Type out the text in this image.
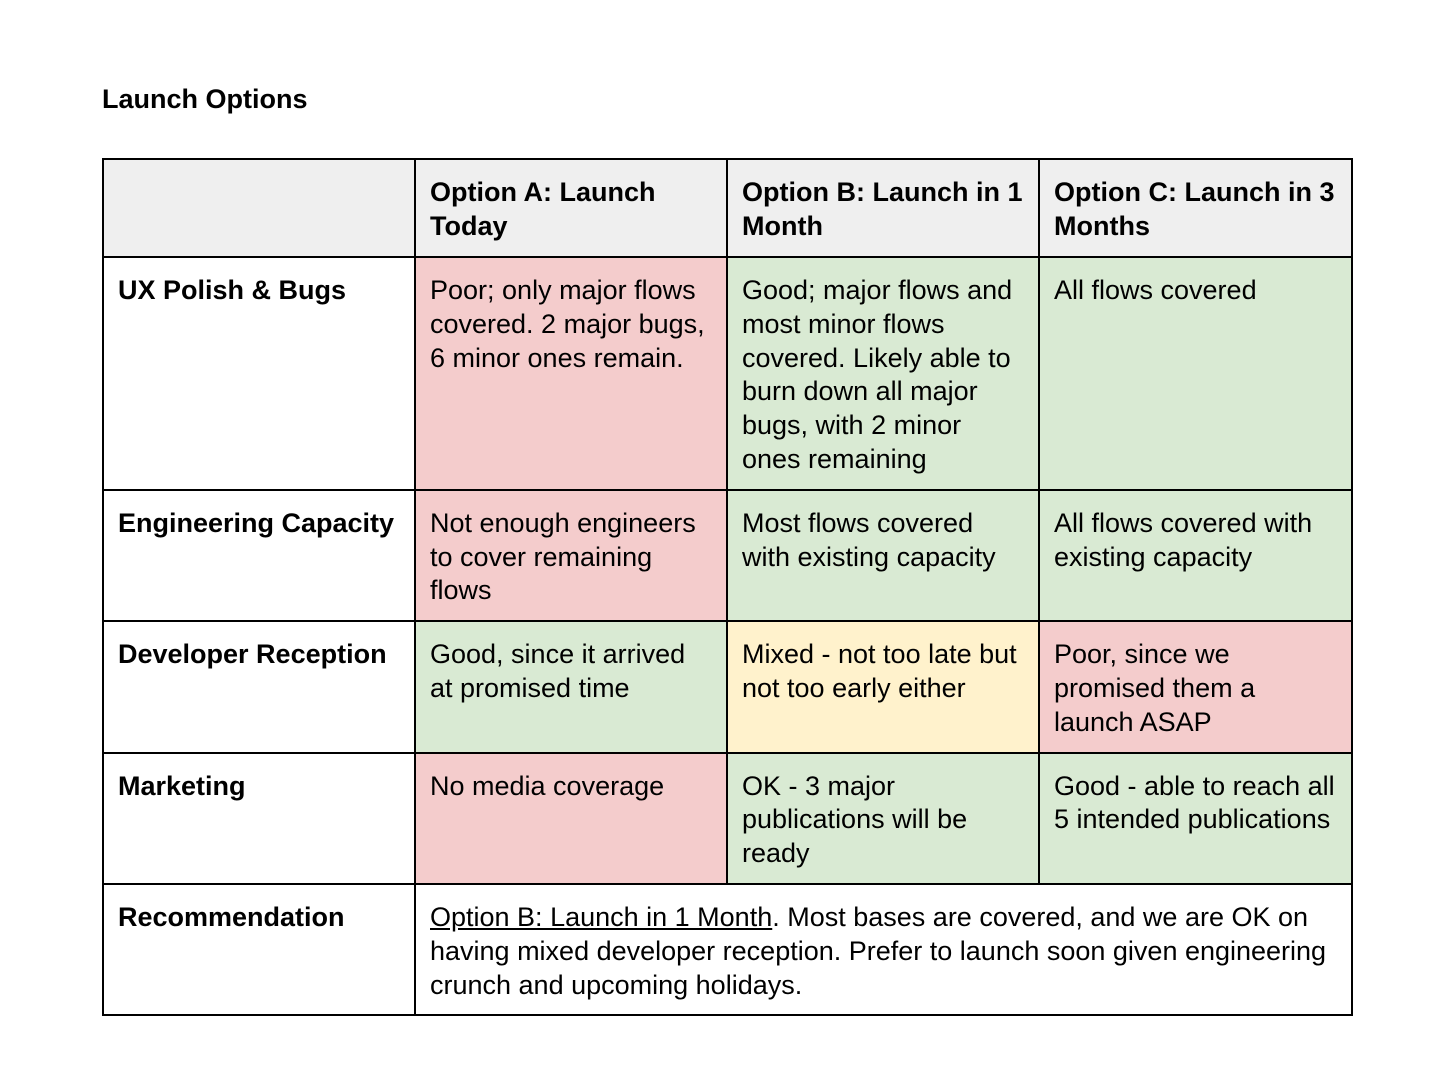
Launch Options
	Option A: Launch Today	Option B: Launch in 1 Month	Option C: Launch in 3 Months
UX Polish & Bugs	Poor; only major flows covered. 2 major bugs, 6 minor ones remain.	Good; major flows and most minor flows covered. Likely able to burn down all major bugs, with 2 minor ones remaining	All flows covered
Engineering Capacity	Not enough engineers to cover remaining flows	Most flows covered with existing capacity	All flows covered with existing capacity
Developer Reception	Good, since it arrived at promised time	Mixed - not too late but not too early either	Poor, since we promised them a launch ASAP
Marketing	No media coverage	OK - 3 major publications will be ready	Good - able to reach all 5 intended publications
Recommendation	Option B: Launch in 1 Month. Most bases are covered, and we are OK on having mixed developer reception. Prefer to launch soon given engineering crunch and upcoming holidays.		
